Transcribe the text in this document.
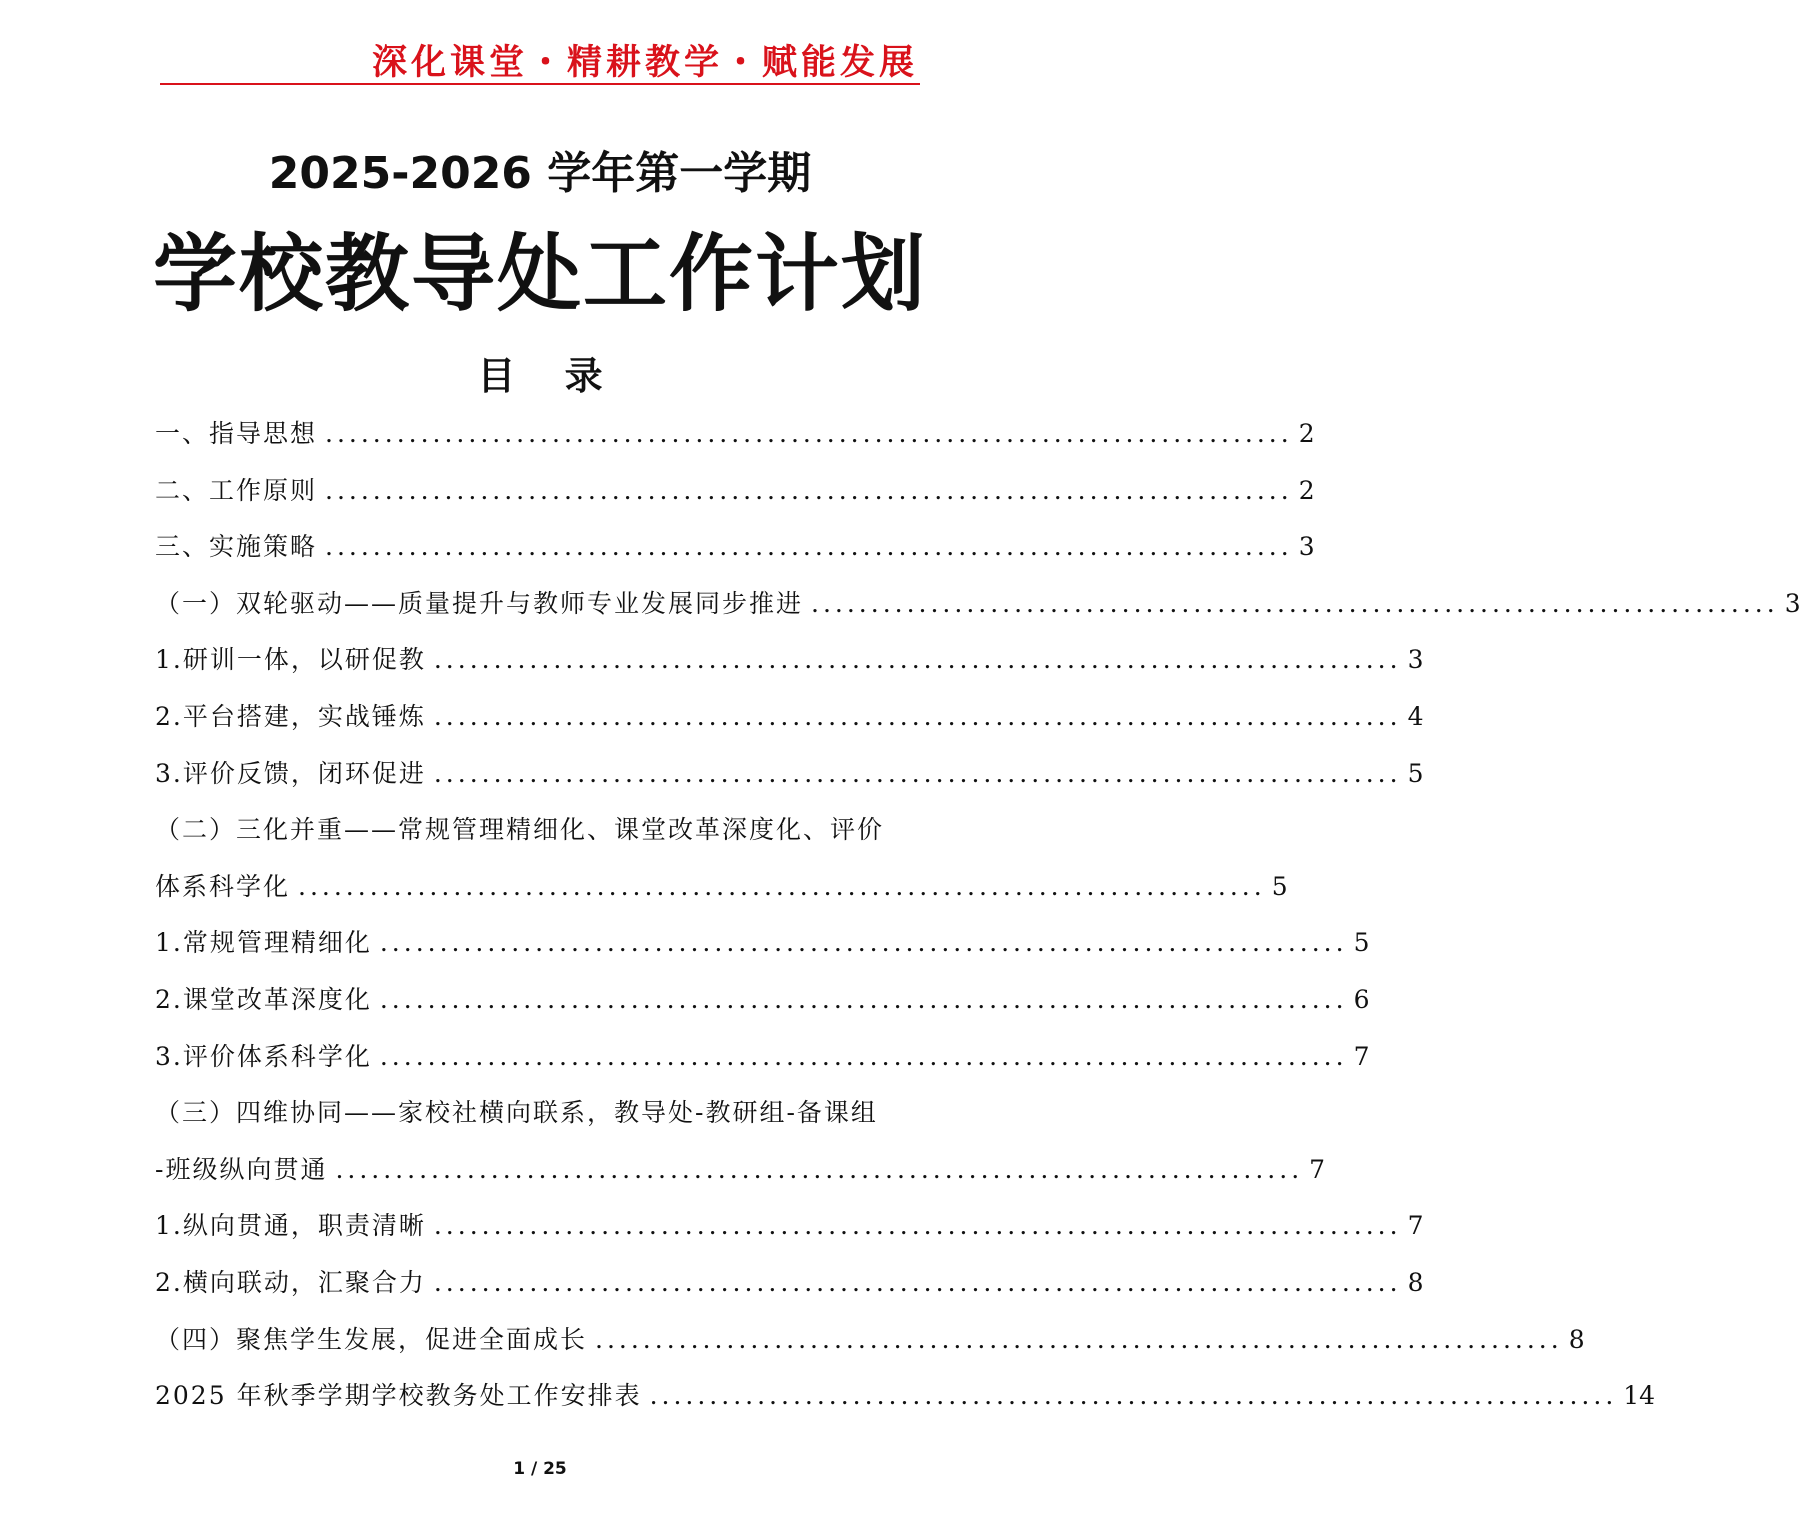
深化课堂・精耕教学・赋能发展
2025-2026 学年第一学期
学校教导处工作计划
目 录
一、指导思想 ................................................................................. 2
二、工作原则 ................................................................................. 2
三、实施策略 ................................................................................. 3
（一）双轮驱动——质量提升与教师专业发展同步推进 ................................................................................. 3
1.研训一体，以研促教 ................................................................................. 3
2.平台搭建，实战锤炼 ................................................................................. 4
3.评价反馈，闭环促进 ................................................................................. 5
（二）三化并重——常规管理精细化、课堂改革深度化、评价
体系科学化 ................................................................................. 5
1.常规管理精细化 ................................................................................. 5
2.课堂改革深度化 ................................................................................. 6
3.评价体系科学化 ................................................................................. 7
（三）四维协同——家校社横向联系，教导处-教研组-备课组
-班级纵向贯通 ................................................................................. 7
1.纵向贯通，职责清晰 ................................................................................. 7
2.横向联动，汇聚合力 ................................................................................. 8
（四）聚焦学生发展，促进全面成长 ................................................................................. 8
2025 年秋季学期学校教务处工作安排表 ................................................................................. 14
1 / 25
